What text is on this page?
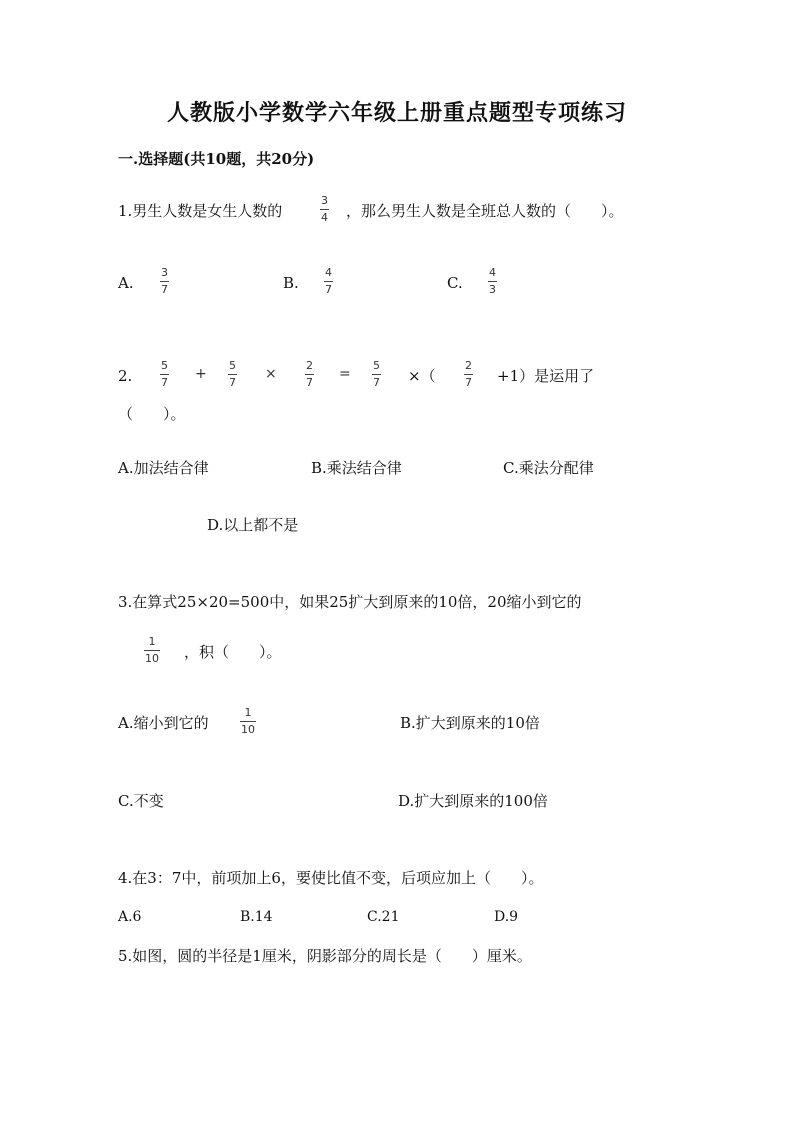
人教版小学数学六年级上册重点题型专项练习
一.选择题(共10题，共20分)
1.男生人数是女生人数的
3
4 ，那么男生人数是全班总人数的（　　）。
A.
3
7	B.
4
7	C.
4
3
2.
5
7
+
5
7
×
2
7
=
5
7 ×（
2
7 +1）是运用了
（　　）。
A.加法结合律	B.乘法结合律	C.乘法分配律
D.以上都不是
3.在算式25×20=500中，如果25扩大到原来的10倍，20缩小到它的
1
10 ，积（　　）。
A.缩小到它的
1
10	B.扩大到原来的10倍
C.不变	D.扩大到原来的100倍
4.在3：7中，前项加上6，要使比值不变，后项应加上（　　）。
A.6	B.14	C.21	D.9
5.如图，圆的半径是1厘米，阴影部分的周长是（　　）厘米。
